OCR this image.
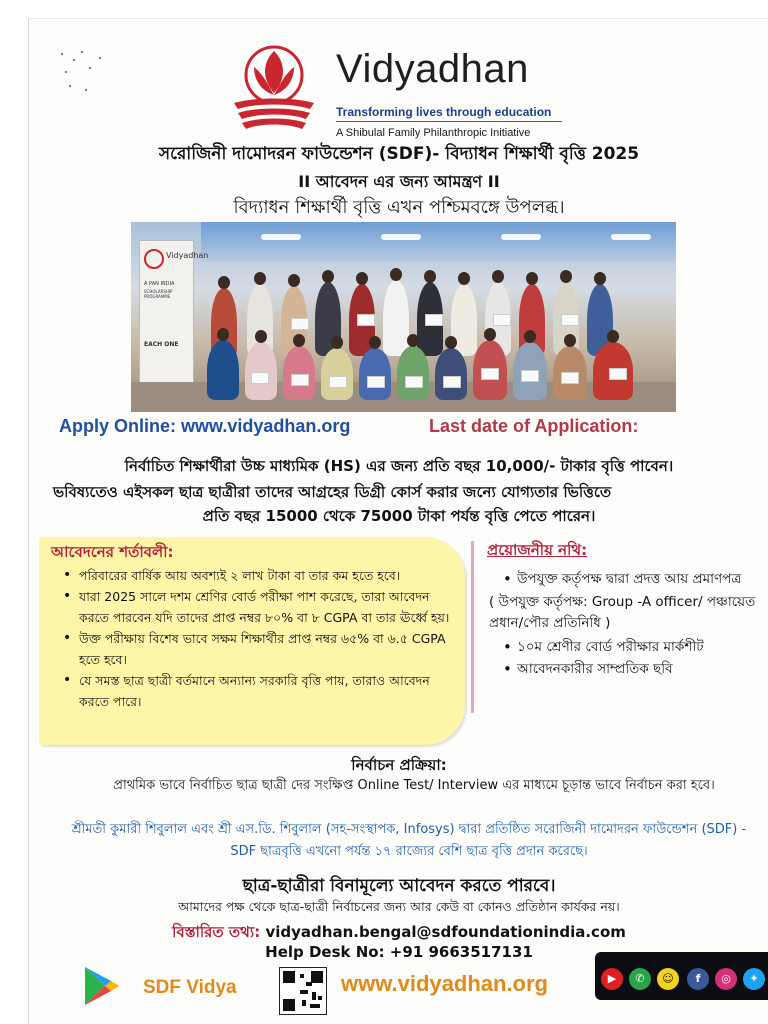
Vidyadhan
Transforming lives through education
A Shibulal Family Philanthropic Initiative
সরোজিনী দামোদরন ফাউন্ডেশন (SDF)- বিদ্যাধন শিক্ষার্থী বৃত্তি 2025
II আবেদন এর জন্য আমন্ত্রণ II
বিদ্যাধন শিক্ষার্থী বৃত্তি এখন পশ্চিমবঙ্গে উপলব্ধ।
Vidyadhan
A PAN INDIA
SCHOLARSHIP PROGRAMME
EACH ONE
Apply Online: www.vidyadhan.org	Last date of Application:
নির্বাচিত শিক্ষার্থীরা উচ্চ মাধ্যমিক (HS) এর জন্য প্রতি বছর 10,000/- টাকার বৃত্তি পাবেন।
ভবিষ্যতেও এইসকল ছাত্র ছাত্রীরা তাদের আগ্রহের ডিগ্রী কোর্স করার জন্যে যোগ্যতার ভিত্তিতে
প্রতি বছর 15000 থেকে 75000 টাকা পর্যন্ত বৃত্তি পেতে পারেন।
আবেদনের শর্তাবলী:
• পরিবারের বার্ষিক আয় অবশ্যই ২ লাখ টাকা বা তার কম হতে হবে।
• যারা 2025 সালে দশম শ্রেণির বোর্ড পরীক্ষা পাশ করেছে, তারা আবেদন করতে পারবেন যদি তাদের প্রাপ্ত নম্বর ৮০% বা ৮ CGPA বা তার ঊর্ধ্বে হয়।
• উক্ত পরীক্ষায় বিশেষ ভাবে সক্ষম শিক্ষার্থীর প্রাপ্ত নম্বর ৬৫% বা ৬.৫ CGPA হতে হবে।
• যে সমস্ত ছাত্র ছাত্রী বর্তমানে অন্যান্য সরকারি বৃত্তি পায়, তারাও আবেদন করতে পারে।
প্রয়োজনীয় নথি:
• উপযুক্ত কর্তৃপক্ষ দ্বারা প্রদত্ত আয় প্রমাণপত্র
( উপযুক্ত কর্তৃপক্ষ: Group -A officer/ পঞ্চায়েত প্রধান/পৌর প্রতিনিধি )
• ১০ম শ্রেণীর বোর্ড পরীক্ষার মার্কশীট
• আবেদনকারীর সাম্প্রতিক ছবি
নির্বাচন প্রক্রিয়া:
প্রাথমিক ভাবে নির্বাচিত ছাত্র ছাত্রী দের সংক্ষিপ্ত Online Test/ Interview এর মাধ্যমে চূড়ান্ত ভাবে নির্বাচন করা হবে।
শ্রীমতী কুমারী শিবুলাল এবং শ্রী এস.ডি. শিবুলাল (সহ-সংস্থাপক, Infosys) দ্বারা প্রতিষ্ঠিত সরোজিনী দামোদরন ফাউন্ডেশন (SDF) - SDF ছাত্রবৃত্তি এখনো পর্যন্ত ১৭ রাজ্যের বেশি ছাত্র বৃত্তি প্রদান করেছে।
ছাত্র-ছাত্রীরা বিনামূল্যে আবেদন করতে পারবে।
আমাদের পক্ষ থেকে ছাত্র-ছাত্রী নির্বাচনের জন্য আর কেউ বা কোনও প্রতিষ্ঠান কার্যকর নয়।
বিস্তারিত তথ্য: vidyadhan.bengal@sdfoundationindia.com
Help Desk No: +91 9663517131
SDF Vidya	www.vidyadhan.org	▶	✆	☺	f	◎	✦
